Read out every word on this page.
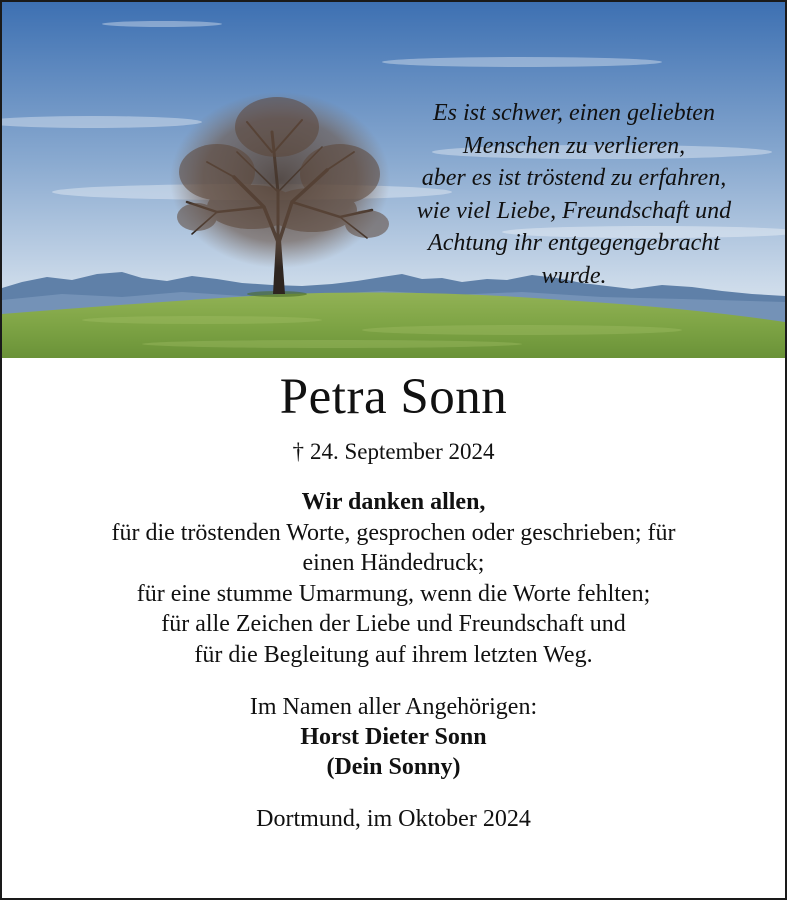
Es ist schwer, einen geliebten
Menschen zu verlieren,
aber es ist tröstend zu erfahren,
wie viel Liebe, Freundschaft und
Achtung ihr entgegengebracht
wurde.

Petra Sonn

† 24. September 2024

Wir danken allen,
für die tröstenden Worte, gesprochen oder geschrieben; für
einen Händedruck;
für eine stumme Umarmung, wenn die Worte fehlten;
für alle Zeichen der Liebe und Freundschaft und
für die Begleitung auf ihrem letzten Weg.

Im Namen aller Angehörigen:
Horst Dieter Sonn
(Dein Sonny)

Dortmund, im Oktober 2024
